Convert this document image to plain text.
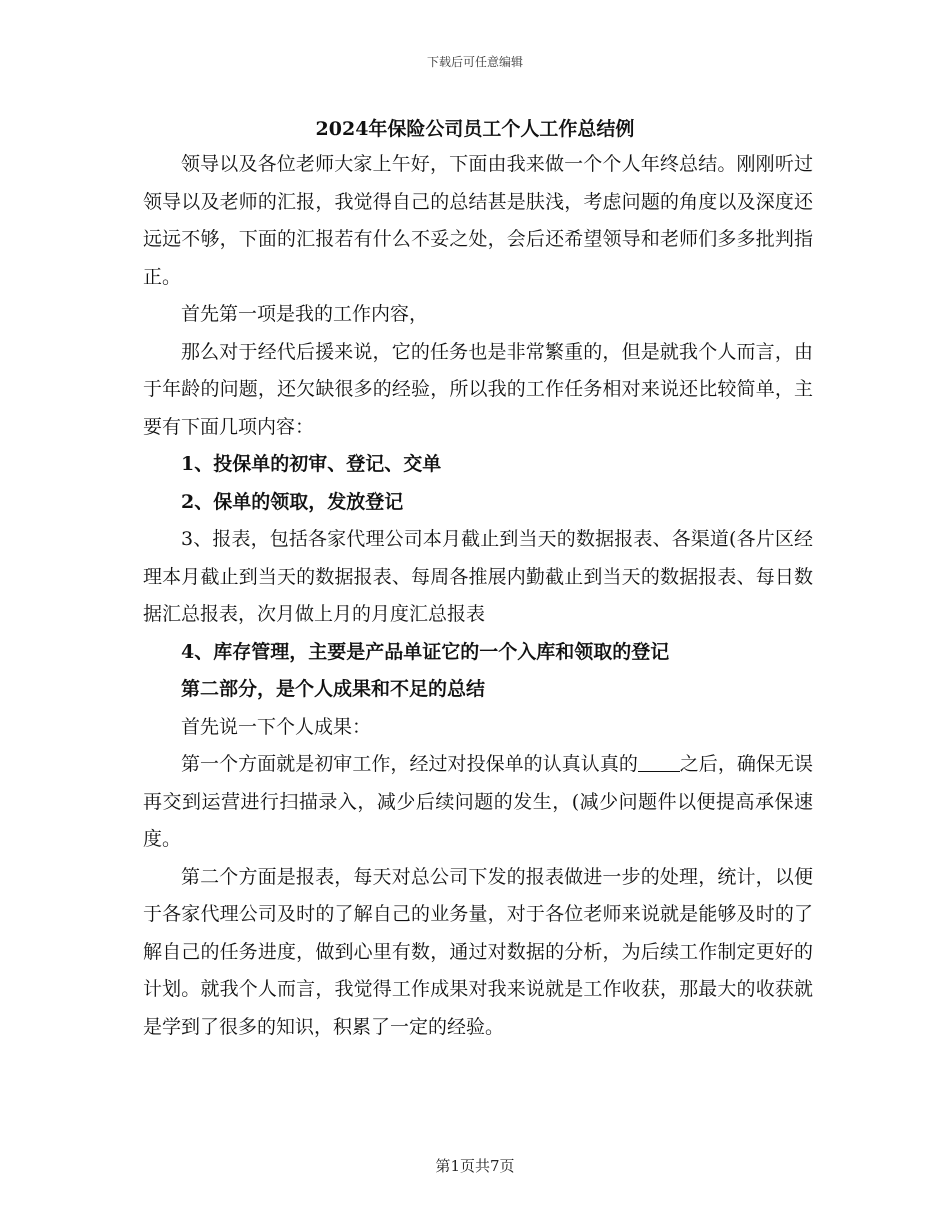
下载后可任意编辑
2024年保险公司员工个人工作总结例

领导以及各位老师大家上午好，下面由我来做一个个人年终总结。刚刚听过领导以及老师的汇报，我觉得自己的总结甚是肤浅，考虑问题的角度以及深度还远远不够，下面的汇报若有什么不妥之处，会后还希望领导和老师们多多批判指正。

首先第一项是我的工作内容，

那么对于经代后援来说，它的任务也是非常繁重的，但是就我个人而言，由于年龄的问题，还欠缺很多的经验，所以我的工作任务相对来说还比较简单，主要有下面几项内容：

1、投保单的初审、登记、交单

2、保单的领取，发放登记

3、报表，包括各家代理公司本月截止到当天的数据报表、各渠道(各片区经理本月截止到当天的数据报表、每周各推展内勤截止到当天的数据报表、每日数据汇总报表，次月做上月的月度汇总报表

4、库存管理，主要是产品单证它的一个入库和领取的登记

第二部分，是个人成果和不足的总结

首先说一下个人成果：

第一个方面就是初审工作，经过对投保单的认真认真的 之后，确保无误再交到运营进行扫描录入，减少后续问题的发生，(减少问题件以便提高承保速度。

第二个方面是报表，每天对总公司下发的报表做进一步的处理，统计，以便于各家代理公司及时的了解自己的业务量，对于各位老师来说就是能够及时的了解自己的任务进度，做到心里有数，通过对数据的分析，为后续工作制定更好的计划。就我个人而言，我觉得工作成果对我来说就是工作收获，那最大的收获就是学到了很多的知识，积累了一定的经验。

第1页共7页
